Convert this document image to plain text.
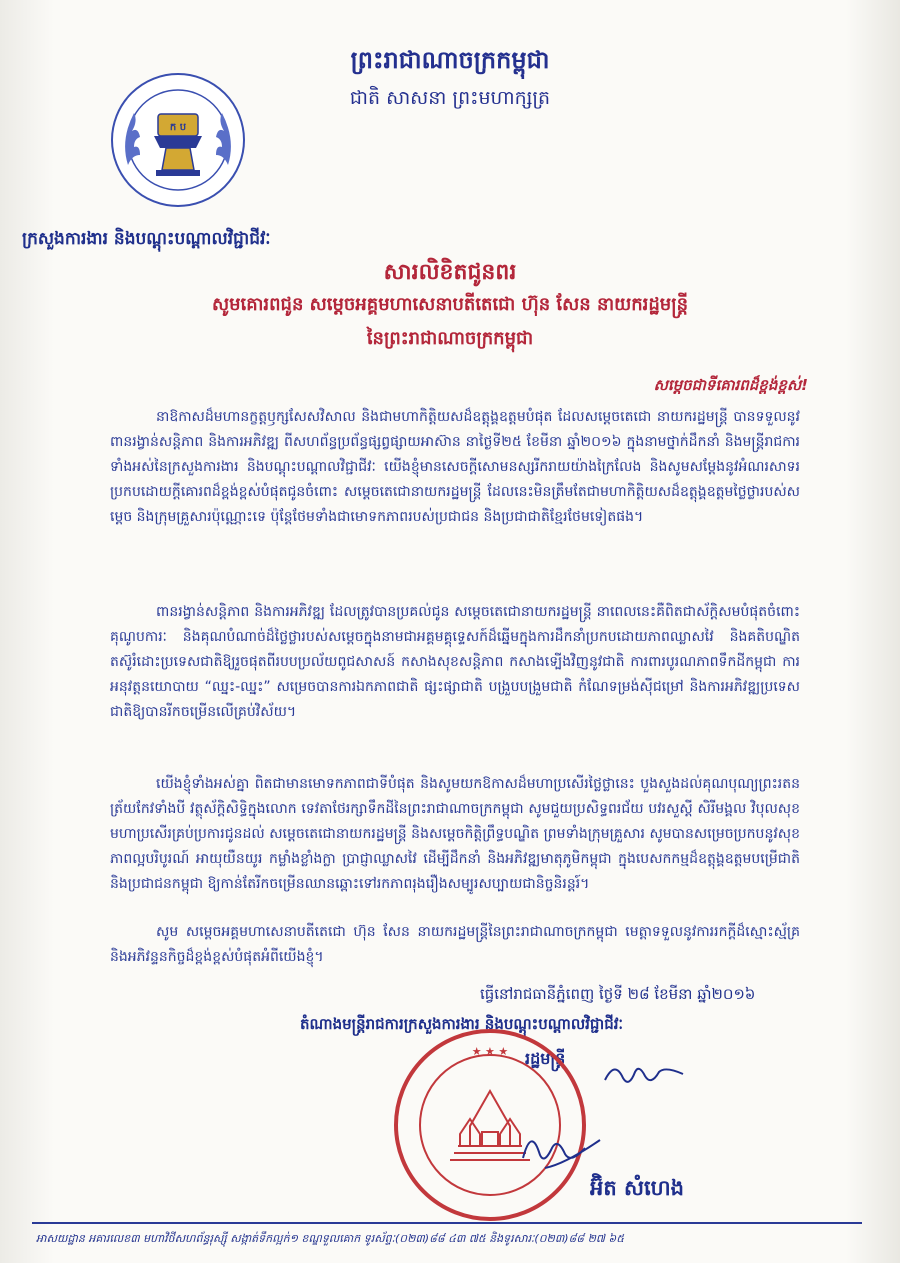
ក ប
ព្រះរាជាណាចក្រកម្ពុជា
ជាតិ សាសនា ព្រះមហាក្សត្រ
ក្រសួងការងារ និងបណ្តុះបណ្តាលវិជ្ជាជីវៈ
សារលិខិតជូនពរ
សូមគោរពជូន សម្តេចអគ្គមហាសេនាបតីតេជោ ហ៊ុន សែន នាយករដ្ឋមន្ត្រី
នៃព្រះរាជាណាចក្រកម្ពុជា
សម្តេចជាទីគោរពដ៏ខ្ពង់ខ្ពស់!
នាឱកាសដ៏មហានក្ខត្តឫក្សសែសវិសាល និងជាមហាកិត្តិយសដ៏ឧត្តុង្គឧត្តមបំផុត ដែលសម្តេចតេជោ នាយករដ្ឋមន្ត្រី បានទទួលនូវ ពានរង្វាន់សន្តិភាព និងការអភិវឌ្ឍ ពីសហព័ន្ធប្រព័ន្ធផ្សព្វផ្សាយអាស៊ាន នាថ្ងៃទី២៥ ខែមីនា ឆ្នាំ២០១៦ ក្នុងនាមថ្នាក់ដឹកនាំ និងមន្ត្រីរាជការទាំងអស់នៃក្រសួងការងារ និងបណ្តុះបណ្តាលវិជ្ជាជីវៈ យើងខ្ញុំមានសេចក្តីសោមនស្សរីករាយយ៉ាងក្រៃលែង និងសូមសម្តែងនូវអំណរសាទរប្រកបដោយក្តីគោរពដ៏ខ្ពង់ខ្ពស់បំផុតជូនចំពោះ សម្តេចតេជោនាយករដ្ឋមន្ត្រី ដែលនេះមិនត្រឹមតែជាមហាកិត្តិយសដ៏ឧត្តុង្គឧត្តមថ្លៃថ្លារបស់សម្តេច និងក្រុមគ្រួសារប៉ុណ្ណោះទេ ប៉ុន្តែថែមទាំងជាមោទកភាពរបស់ប្រជាជន និងប្រជាជាតិខ្មែរថែមទៀតផង។
ពានរង្វាន់សន្តិភាព និងការអភិវឌ្ឍ ដែលត្រូវបានប្រគល់ជូន សម្តេចតេជោនាយករដ្ឋមន្ត្រី នាពេលនេះគឺពិតជាស័ក្តិសមបំផុតចំពោះគុណូបការៈ និងគុណបំណាច់ដ៏ថ្លៃថ្លារបស់សម្តេចក្នុងនាមជាអគ្គមគ្គុទ្ទេសក៍ដ៏ឆ្នើមក្នុងការដឹកនាំប្រកបដោយភាពឈ្លាសវៃ និងគតិបណ្ឌិត តស៊ូរំដោះប្រទេសជាតិឱ្យរួចផុតពីរបបប្រល័យពូជសាសន៍ កសាងសុខសន្តិភាព កសាងទ្បើងវិញនូវជាតិ ការពារបូរណភាពទឹកដីកម្ពុជា ការអនុវត្តនយោបាយ “ឈ្នះ-ឈ្នះ” សម្រេចបានការឯកភាពជាតិ ផ្សះផ្សាជាតិ បង្រួបបង្រួមជាតិ កំណែទម្រង់ស៊ីជម្រៅ និងការអភិវឌ្ឍប្រទេសជាតិឱ្យបានរីកចម្រើនលើគ្រប់វិស័យ។
យើងខ្ញុំទាំងអស់គ្នា ពិតជាមានមោទកភាពជាទីបំផុត និងសូមយកឱកាសដ៏មហាប្រសើរថ្លៃថ្លានេះ បួងសួងដល់គុណបុណ្យព្រះរតនត្រ័យកែវទាំងបី វត្ថុស័ក្តិសិទ្ធិក្នុងលោក ទេវតាថែរក្សាទឹកដីនៃព្រះរាជាណាចក្រកម្ពុជា សូមជួយប្រសិទ្ធពរជ័យ បវរសួស្តី សិរីមង្គល វិបុលសុខ មហាប្រសើរគ្រប់ប្រការជូនដល់ សម្តេចតេជោនាយករដ្ឋមន្ត្រី និងសម្តេចកិត្តិព្រឹទ្ធបណ្ឌិត ព្រមទាំងក្រុមគ្រួសារ សូមបានសម្រេចប្រកបនូវសុខភាពល្អបរិបូរណ៍ អាយុយឺនយូរ កម្លាំងខ្លាំងក្លា ប្រាជ្ញាឈ្លាសវៃ ដើម្បីដឹកនាំ និងអភិវឌ្ឍមាតុភូមិកម្ពុជា ក្នុងបេសកកម្មដ៏ឧត្តុង្គឧត្តមបម្រើជាតិ និងប្រជាជនកម្ពុជា ឱ្យកាន់តែរីកចម្រើនឈានឆ្ពោះទៅរកភាពរុងរឿងសម្បូរសប្បាយជានិច្ចនិរន្តរ៍។
សូម សម្តេចអគ្គមហាសេនាបតីតេជោ ហ៊ុន សែន នាយករដ្ឋមន្ត្រីនៃព្រះរាជាណាចក្រកម្ពុជា មេត្តាទទួលនូវការរកក្តីដ៏ស្មោះស្ម័គ្រ និងអភិវន្ទនកិច្ចដ៏ខ្ពង់ខ្ពស់បំផុតអំពីយើងខ្ញុំ។
ធ្វើនៅរាជធានីភ្នំពេញ ថ្ងៃទី ២៨ ខែមីនា ឆ្នាំ២០១៦
តំណាងមន្ត្រីរាជការក្រសួងការងារ និងបណ្តុះបណ្តាលវិជ្ជាជីវៈ
រដ្ឋមន្ត្រី
★ ★ ★
អ៊ិត សំហេង
អាសយដ្ឋាន អគារលេខ៣ មហាវិថីសហព័ន្ធរុស្ស៊ី សង្កាត់ទឹកល្អក់១ ខណ្ឌទួលគោក ទូរស័ព្ទៈ(០២៣)៨៨ ៤៣ ៧៥ និងទូរសារៈ(០២៣)៨៨ ២៧ ៦៥
